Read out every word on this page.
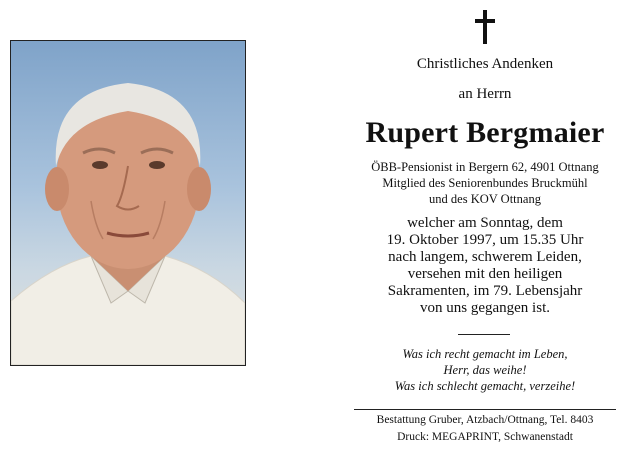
Christliches Andenken
an Herrn
Rupert Bergmaier
ÖBB-Pensionist in Bergern 62, 4901 Ottnang
Mitglied des Seniorenbundes Bruckmühl
und des KOV Ottnang
welcher am Sonntag, dem
19. Oktober 1997, um 15.35 Uhr
nach langem, schwerem Leiden,
versehen mit den heiligen
Sakramenten, im 79. Lebensjahr
von uns gegangen ist.
Was ich recht gemacht im Leben,
Herr, das weihe!
Was ich schlecht gemacht, verzeihe!
Bestattung Gruber, Atzbach/Ottnang, Tel. 8403
Druck: MEGAPRINT, Schwanenstadt
